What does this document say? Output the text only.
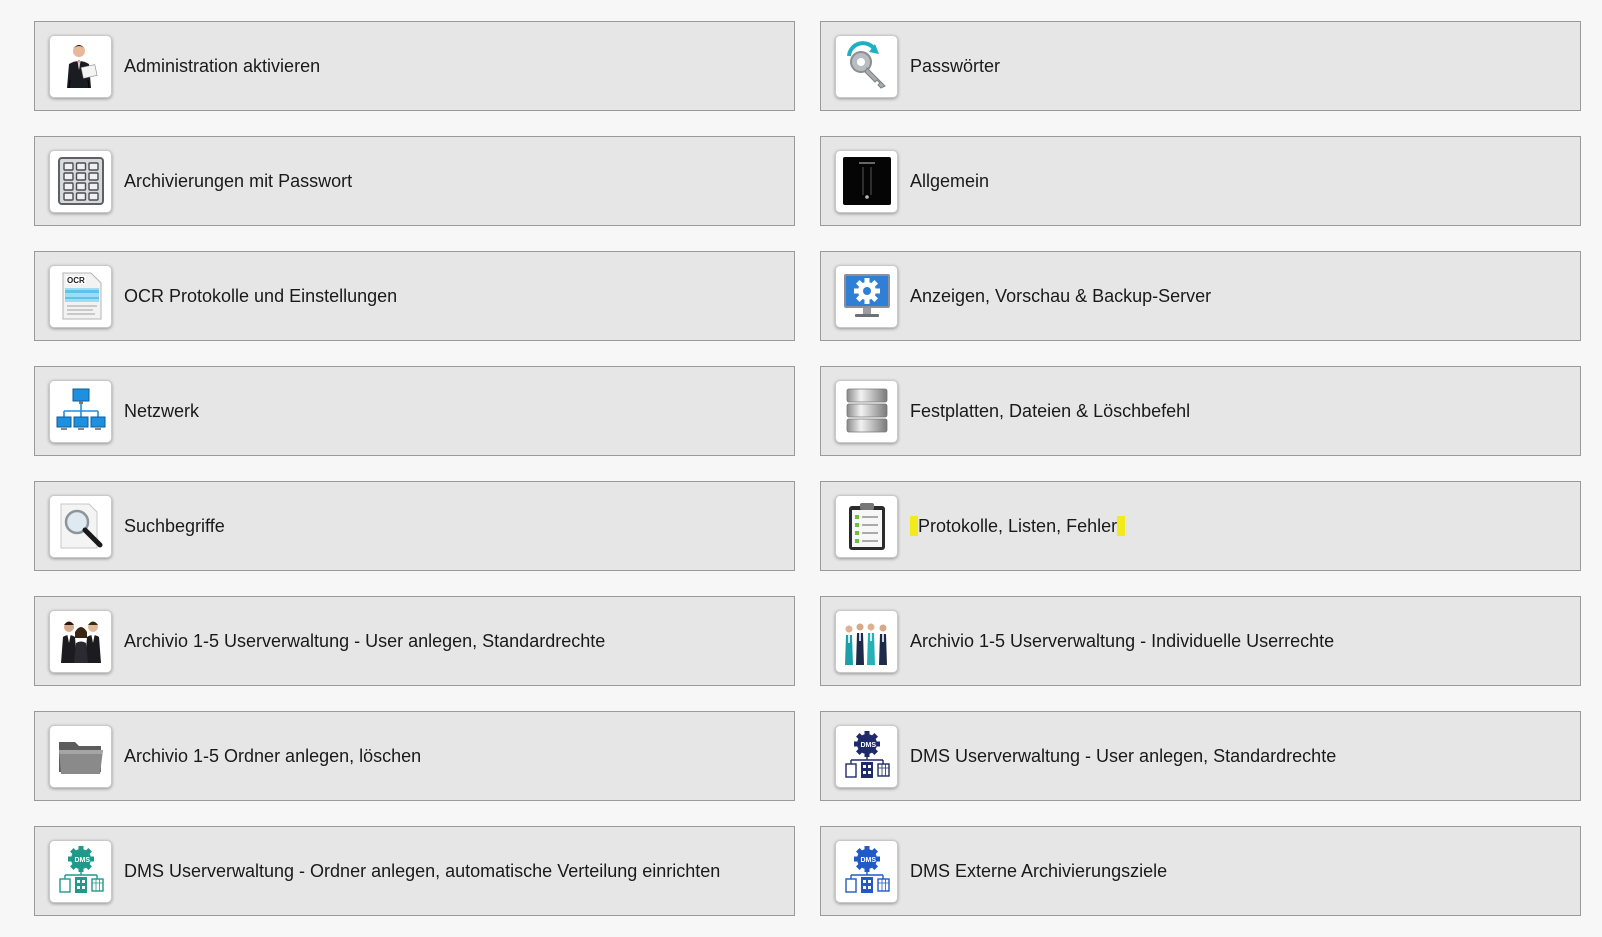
Administration aktivieren	Passwörter
Archivierungen mit Passwort	Allgemein
OCR
OCR Protokolle und Einstellungen	Anzeigen, Vorschau & Backup-Server
Netzwerk	Festplatten, Dateien & Löschbefehl
Suchbegriffe	Protokolle, Listen, Fehler
Archivio 1-5 Userverwaltung - User anlegen, Standardrechte	Archivio 1-5 Userverwaltung - Individuelle Userrechte
Archivio 1-5 Ordner anlegen, löschen	DMS DMS Userverwaltung - User anlegen, Standardrechte
DMS DMS Userverwaltung - Ordner anlegen, automatische Verteilung einrichten	DMS DMS Externe Archivierungsziele
